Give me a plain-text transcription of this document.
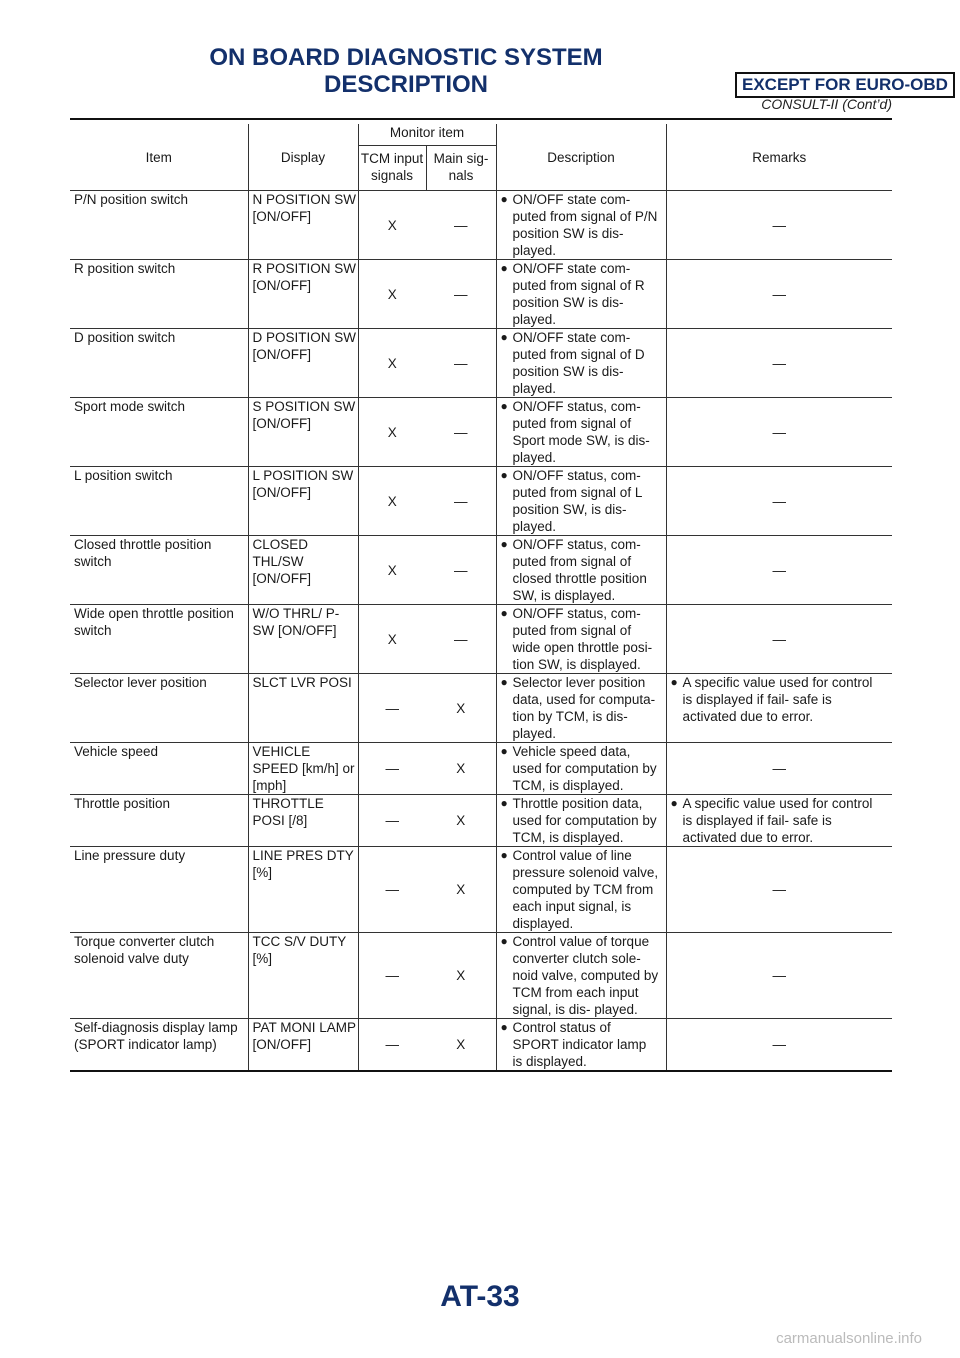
ON BOARD DIAGNOSTIC SYSTEM
DESCRIPTION	EXCEPT FOR EURO-OBD
CONSULT-II (Cont’d)
Item	Display	Monitor item		Description	Remarks
		TCM input signals	Main sig- nals		
P/N position switch	N POSITION SW [ON/OFF]	X	—	● ON/OFF state com- puted from signal of P/N position SW is dis- played.	—
R position switch	R POSITION SW [ON/OFF]	X	—	● ON/OFF state com- puted from signal of R position SW is dis- played.	—
D position switch	D POSITION SW [ON/OFF]	X	—	● ON/OFF state com- puted from signal of D position SW is dis- played.	—
Sport mode switch	S POSITION SW [ON/OFF]	X	—	● ON/OFF status, com- puted from signal of Sport mode SW, is dis- played.	—
L position switch	L POSITION SW [ON/OFF]	X	—	● ON/OFF status, com- puted from signal of L position SW, is dis- played.	—
Closed throttle position switch	CLOSED THL/SW [ON/OFF]	X	—	● ON/OFF status, com- puted from signal of closed throttle position SW, is displayed.	—
Wide open throttle position switch	W/O THRL/ P-SW [ON/OFF]	X	—	● ON/OFF status, com- puted from signal of wide open throttle posi- tion SW, is displayed.	—
Selector lever position	SLCT LVR POSI	—	X	● Selector lever position data, used for computa- tion by TCM, is dis- played.	● A specific value used for control is displayed if fail- safe is activated due to error.

Vehicle speed	VEHICLE SPEED [km/h] or [mph]	—	X	● Vehicle speed data, used for computation by TCM, is displayed.	—
Throttle position	THROTTLE POSI [/8]	—	X	● Throttle position data, used for computation by TCM, is displayed.	● A specific value used for control is displayed if fail- safe is activated due to error.

Line pressure duty	LINE PRES DTY [%]	—	X	● Control value of line pressure solenoid valve, computed by TCM from each input signal, is displayed.	—
Torque converter clutch solenoid valve duty	TCC S/V DUTY [%]	—	X	● Control value of torque converter clutch sole- noid valve, computed by TCM from each input signal, is dis- played.	—
Self-diagnosis display lamp (SPORT indicator lamp)	PAT MONI LAMP [ON/OFF]	—	X	● Control status of SPORT indicator lamp is displayed.	—
AT-33
carmanualsonline.info
